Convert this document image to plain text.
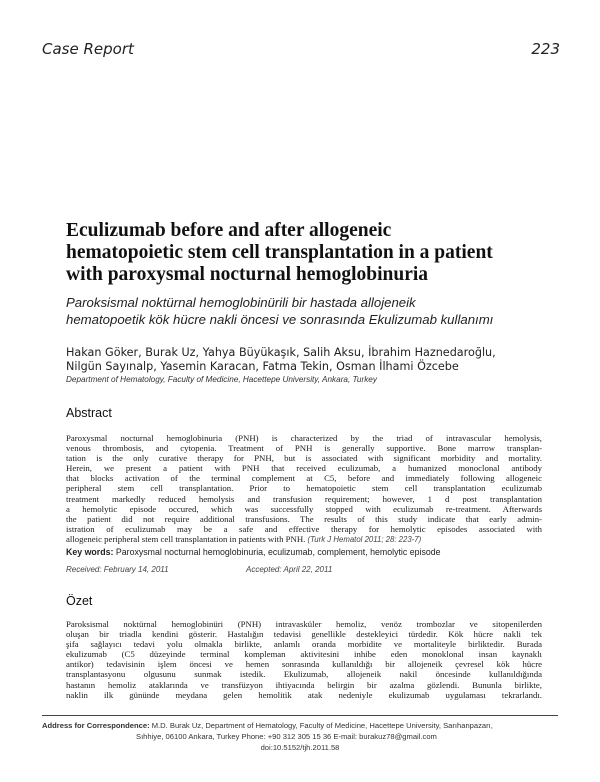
Case Report	223
Eculizumab before and after allogeneic
hematopoietic stem cell transplantation in a patient
with paroxysmal nocturnal hemoglobinuria
Paroksismal noktürnal hemoglobinürili bir hastada allojeneik
hematopoetik kök hücre nakli öncesi ve sonrasında Ekulizumab kullanımı
Hakan Göker, Burak Uz, Yahya Büyükaşık, Salih Aksu, İbrahim Haznedaroğlu,
Nilgün Sayınalp, Yasemin Karacan, Fatma Tekin, Osman İlhami Özcebe
Department of Hematology, Faculty of Medicine, Hacettepe University, Ankara, Turkey
Abstract
Paroxysmal nocturnal hemoglobinuria (PNH) is characterized by the triad of intravascular hemolysis,
venous thrombosis, and cytopenia. Treatment of PNH is generally supportive. Bone marrow transplan-
tation is the only curative therapy for PNH, but is associated with significant morbidity and mortality.
Herein, we present a patient with PNH that received eculizumab, a humanized monoclonal antibody
that blocks activation of the terminal complement at C5, before and immediately following allogeneic
peripheral stem cell transplantation. Prior to hematopoietic stem cell transplantation eculizumab
treatment markedly reduced hemolysis and transfusion requirement; however, 1 d post transplantation
a hemolytic episode occured, which was successfully stopped with eculizumab re-treatment. Afterwards
the patient did not require additional transfusions. The results of this study indicate that early admin-
istration of eculizumab may be a safe and effective therapy for hemolytic episodes associated with
allogeneic peripheral stem cell transplantation in patients with PNH. (Turk J Hematol 2011; 28: 223-7)
Key words: Paroxysmal nocturnal hemoglobinuria, eculizumab, complement, hemolytic episode
Received: February 14, 2011	Accepted: April 22, 2011
Özet
Paroksismal noktürnal hemoglobinüri (PNH) intravasküler hemoliz, venöz trombozlar ve sitopenilerden
oluşan bir triadla kendini gösterir. Hastalığın tedavisi genellikle destekleyici türdedir. Kök hücre nakli tek
şifa sağlayıcı tedavi yolu olmakla birlikte, anlamlı oranda morbidite ve mortaliteyle birliktedir. Burada
ekulizumab (C5 düzeyinde terminal kompleman aktivitesini inhibe eden monoklonal insan kaynaklı
antikor) tedavisinin işlem öncesi ve hemen sonrasında kullanıldığı bir allojeneik çevresel kök hücre
transplantasyonu olgusunu sunmak istedik. Ekulizumab, allojeneik nakil öncesinde kullanıldığında
hastanın hemoliz ataklarında ve transfüzyon ihtiyacında belirgin bir azalma gözlendi. Bununla birlikte,
naklin ilk gününde meydana gelen hemolitik atak nedeniyle ekulizumab uygulaması tekrarlandı.
Address for Correspondence: M.D. Burak Uz, Department of Hematology, Faculty of Medicine, Hacettepe University, Sarıhanpazarı,
Sıhhiye, 06100 Ankara, Turkey Phone: +90 312 305 15 36 E-mail: burakuz78@gmail.com
doi:10.5152/tjh.2011.58
